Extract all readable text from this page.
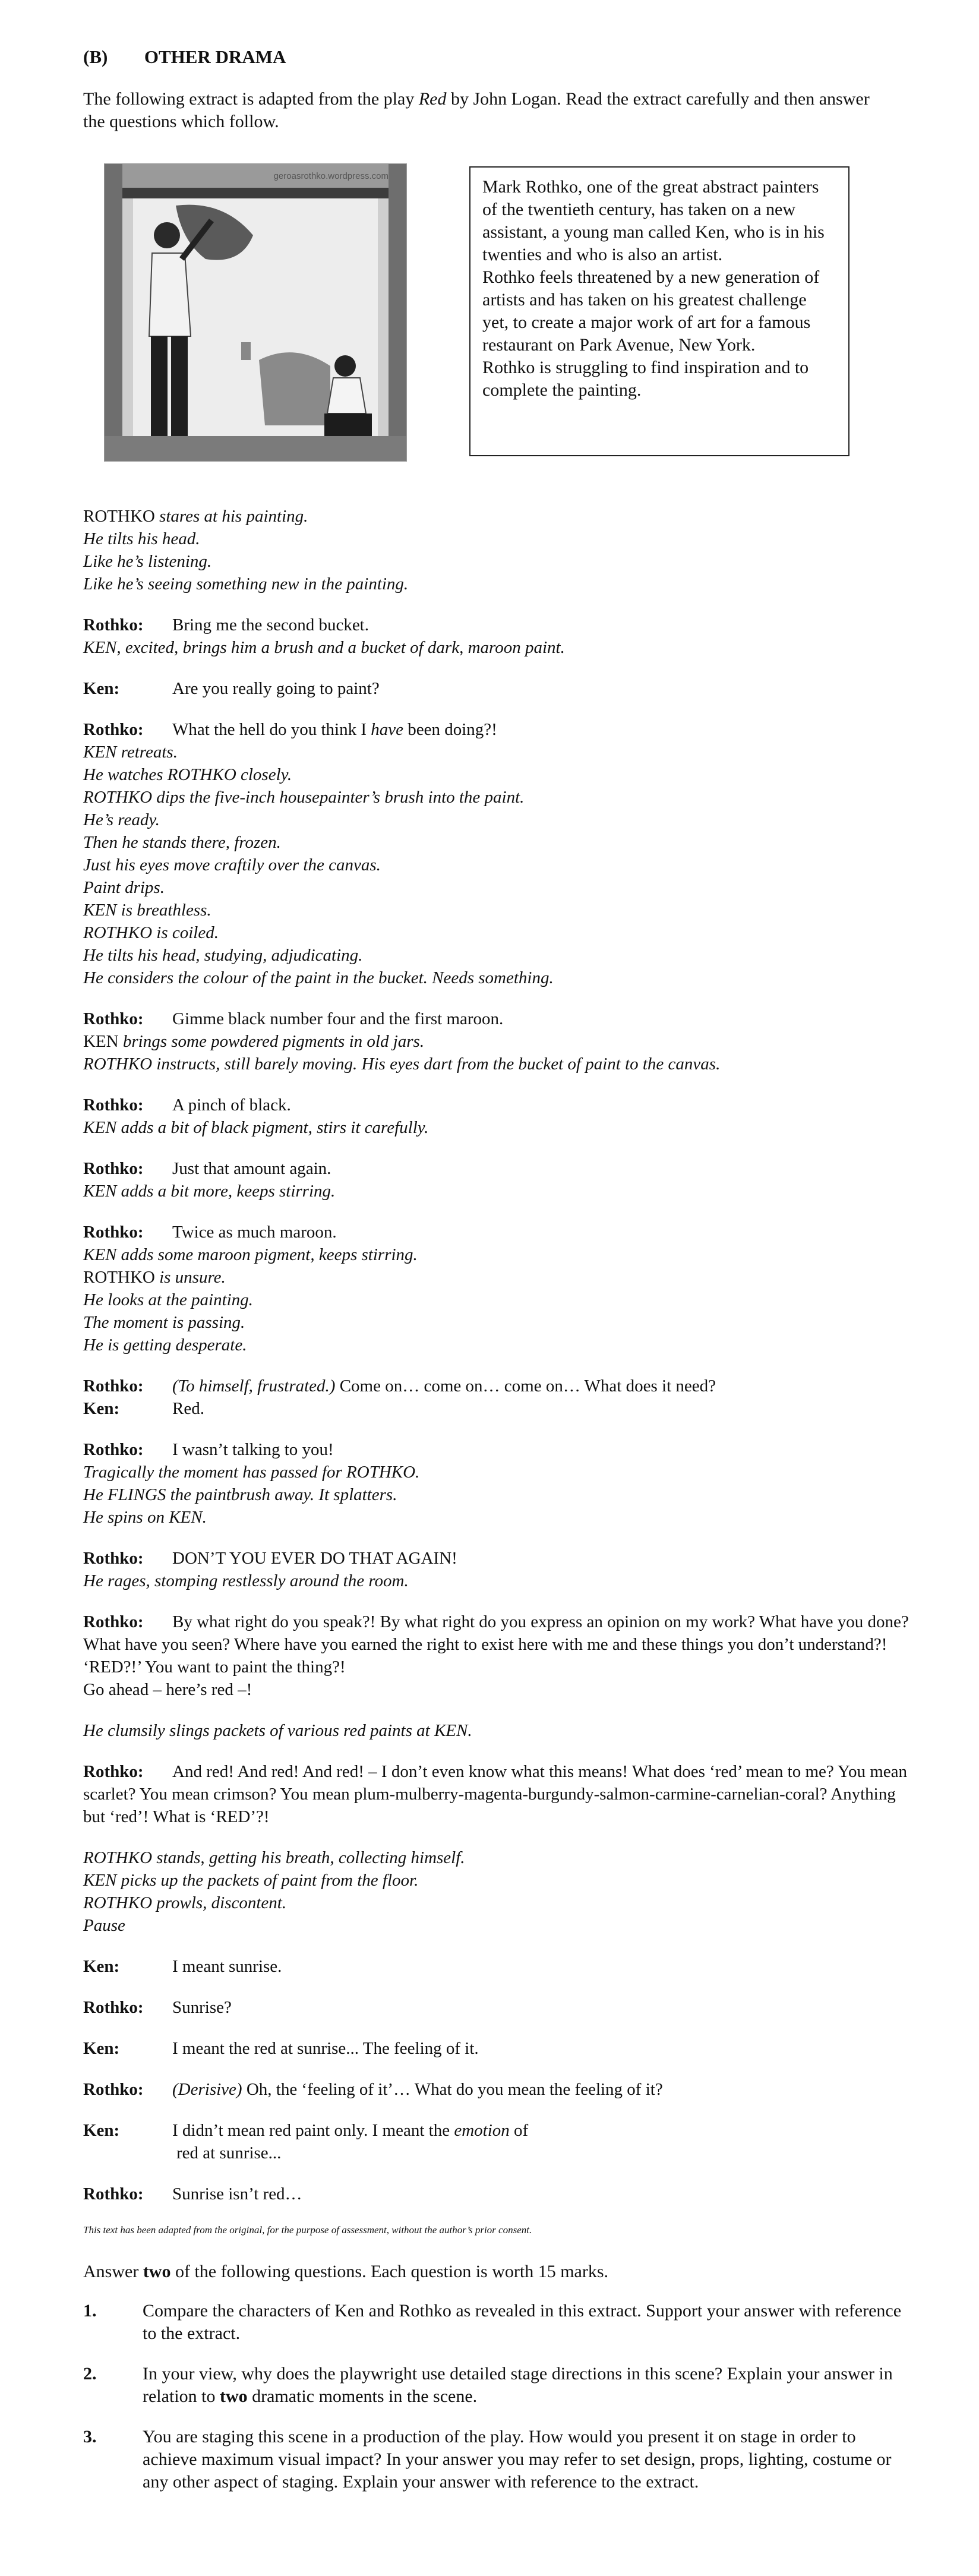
(B) OTHER DRAMA
The following extract is adapted from the play Red by John Logan. Read the extract carefully and then answer the questions which follow.
geroasrothko.wordpress.com

Mark Rothko, one of the great abstract painters of the twentieth century, has taken on a new assistant, a young man called Ken, who is in his twenties and who is also an artist.

Rothko feels threatened by a new generation of artists and has taken on his greatest challenge yet, to create a major work of art for a famous restaurant on Park Avenue, New York.

Rothko is struggling to find inspiration and to complete the painting.

ROTHKO stares at his painting.
He tilts his head.
Like he’s listening.
Like he’s seeing something new in the painting.
Rothko:	Bring me the second bucket.
KEN, excited, brings him a brush and a bucket of dark, maroon paint.
Ken:	Are you really going to paint?
Rothko:	What the hell do you think I have been doing?!
KEN retreats.
He watches ROTHKO closely.
ROTHKO dips the five-inch housepainter’s brush into the paint.
He’s ready.
Then he stands there, frozen.
Just his eyes move craftily over the canvas.
Paint drips.
KEN is breathless.
ROTHKO is coiled.
He tilts his head, studying, adjudicating.
He considers the colour of the paint in the bucket. Needs something.
Rothko:	Gimme black number four and the first maroon.
KEN brings some powdered pigments in old jars.
ROTHKO instructs, still barely moving. His eyes dart from the bucket of paint to the canvas.
Rothko:	A pinch of black.
KEN adds a bit of black pigment, stirs it carefully.
Rothko:	Just that amount again.
KEN adds a bit more, keeps stirring.
Rothko:	Twice as much maroon.
KEN adds some maroon pigment, keeps stirring.
ROTHKO is unsure.
He looks at the painting.
The moment is passing.
He is getting desperate.
Rothko:	(To himself, frustrated.) Come on… come on… come on… What does it need?
Ken:	Red.
Rothko:	I wasn’t talking to you!
Tragically the moment has passed for ROTHKO.
He FLINGS the paintbrush away. It splatters.
He spins on KEN.
Rothko:	DON’T YOU EVER DO THAT AGAIN!
He rages, stomping restlessly around the room.
Rothko: By what right do you speak?! By what right do you express an opinion on my work? What have you done? What have you seen? Where have you earned the right to exist here with me and these things you don’t understand?! ‘RED?!’ You want to paint the thing?!
Go ahead – here’s red –!
He clumsily slings packets of various red paints at KEN.
Rothko: And red! And red! And red! – I don’t even know what this means! What does ‘red’ mean to me? You mean scarlet? You mean crimson? You mean plum-mulberry-magenta-burgundy-salmon-carmine-carnelian-coral? Anything but ‘red’! What is ‘RED’?!
ROTHKO stands, getting his breath, collecting himself.
KEN picks up the packets of paint from the floor.
ROTHKO prowls, discontent.
Pause
Ken:	I meant sunrise.
Rothko:	Sunrise?
Ken:	I meant the red at sunrise... The feeling of it.
Rothko:	(Derisive) Oh, the ‘feeling of it’… What do you mean the feeling of it?
Ken:	I didn’t mean red paint only. I meant the emotion of
red at sunrise...
Rothko:	Sunrise isn’t red…
This text has been adapted from the original, for the purpose of assessment, without the author’s prior consent.
Answer two of the following questions. Each question is worth 15 marks.
1.	Compare the characters of Ken and Rothko as revealed in this extract. Support your answer with reference to the extract.
2.	In your view, why does the playwright use detailed stage directions in this scene? Explain your answer in relation to two dramatic moments in the scene.
3.	You are staging this scene in a production of the play. How would you present it on stage in order to achieve maximum visual impact? In your answer you may refer to set design, props, lighting, costume or any other aspect of staging. Explain your answer with reference to the extract.
